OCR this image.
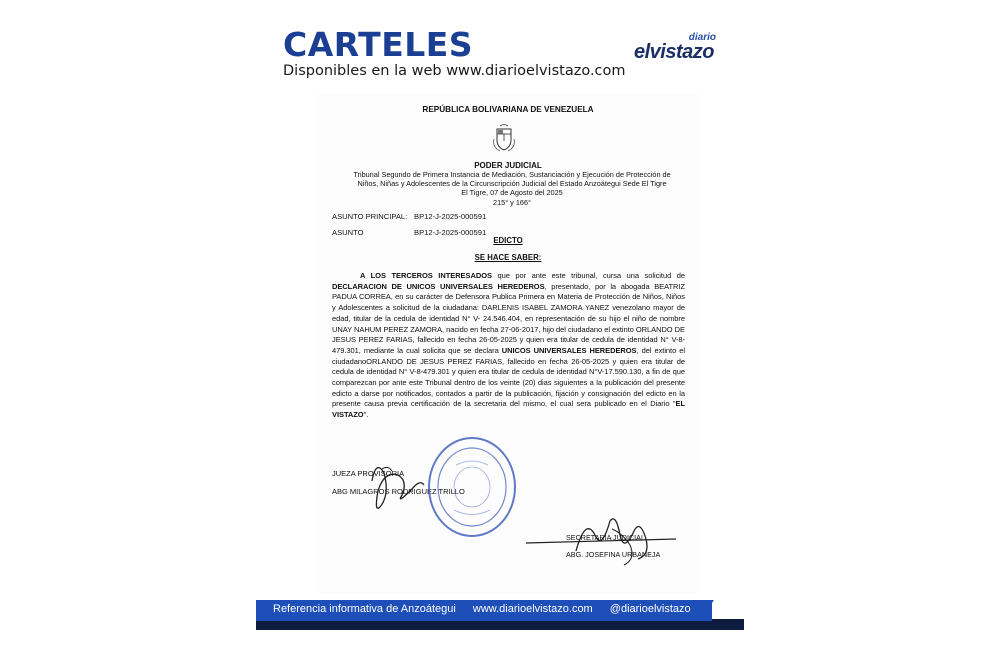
CARTELES
Disponibles en la web www.diarioelvistazo.com
diario
elvistazo
REPÚBLICA BOLIVARIANA DE VENEZUELA
PODER JUDICIAL
Tribunal Segundo de Primera Instancia de Mediación, Sustanciación y Ejecución de Protección de
Niños, Niñas y Adolescentes de la Circunscripción Judicial del Estado Anzoátegui Sede El Tigre
El Tigre, 07 de Agosto del 2025
215° y 166°
ASUNTO PRINCIPAL: BP12-J-2025-000591
ASUNTO	BP12-J-2025-000591
EDICTO
SE HACE SABER:
A LOS TERCEROS INTERESADOS que por ante este tribunal, cursa una solicitud de DECLARACION DE UNICOS UNIVERSALES HEREDEROS, presentado, por la abogada BEATRIZ PADUA CORREA, en su carácter de Defensora Publica Primera en Materia de Protección de Niños, Niños y Adolescentes a solicitud de la ciudadana: DARLENIS ISABEL ZAMORA YANEZ venezolano mayor de edad, titular de la cedula de identidad N° V- 24.546.404, en representación de su hijo el niño de nombre UNAY NAHUM PEREZ ZAMORA, nacido en fecha 27-06-2017, hijo del ciudadano el extinto ORLANDO DE JESUS PEREZ FARIAS, fallecido en fecha 26-05-2025 y quien era titular de cedula de identidad N° V-8-479.301, mediante la cual solicita que se declara UNICOS UNIVERSALES HEREDEROS, del extinto el ciudadanoORLANDO DE JESUS PEREZ FARIAS, fallecido en fecha 26-05-2025 y quien era titular de cedula de identidad N° V-8-479.301 y quien era titular de cedula de identidad N°V-17.590.130, a fin de que comparezcan por ante este Tribunal dentro de los veinte (20) dias siguientes a la publicación del presente edicto a darse por notificados, contados a partir de la publicación, fijación y consignación del edicto en la presente causa previa certificación de la secretaria del mismo, el cual sera publicado en el Diario "EL VISTAZO".
JUEZA PROVISORIA
ABG MILAGROS RODRIGUEZ TRILLO
SECRETARIA JUDICIAL
ABG. JOSEFINA URBANEJA
Referencia informativa de Anzoátegui www.diarioelvistazo.com @diarioelvistazo
